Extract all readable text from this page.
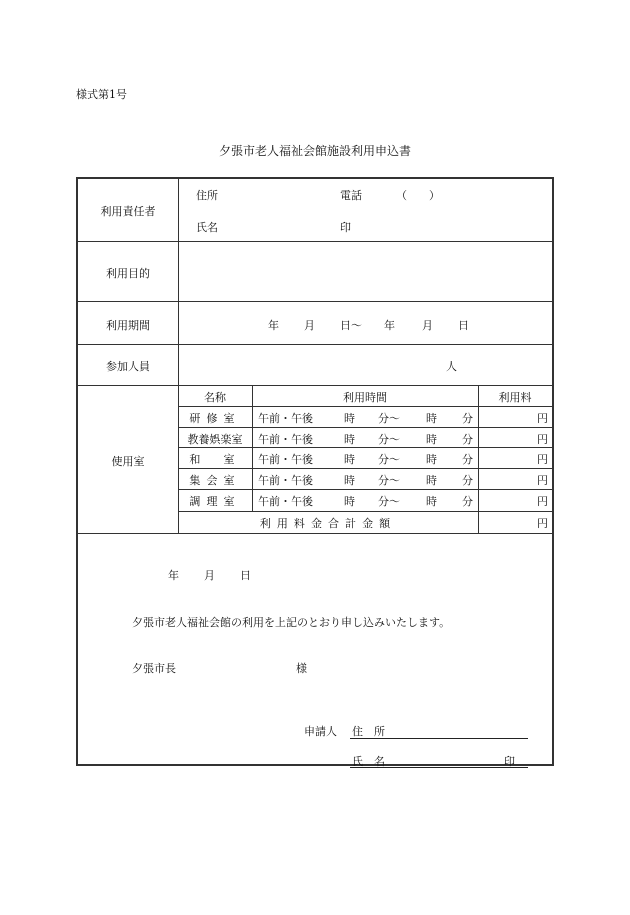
様式第1号
夕張市老人福祉会館施設利用申込書
利用責任者
住所	電話	（　　）
氏名	印
利用目的
利用期間	年 月 日〜 年 月 日
参加人員	人
使用室
名称	利用時間	利用料
研修室	午前・午後	時 分〜 時 分	円
教養娯楽室	午前・午後	時 分〜 時 分	円
和　室	午前・午後	時 分〜 時 分	円
集会室	午前・午後	時 分〜 時 分	円
調理室	午前・午後	時 分〜 時 分	円
利用料金合計金額	円
年 月 日
夕張市老人福祉会館の利用を上記のとおり申し込みいたします。
夕張市長	様
申請人 住　所
氏　名	印
